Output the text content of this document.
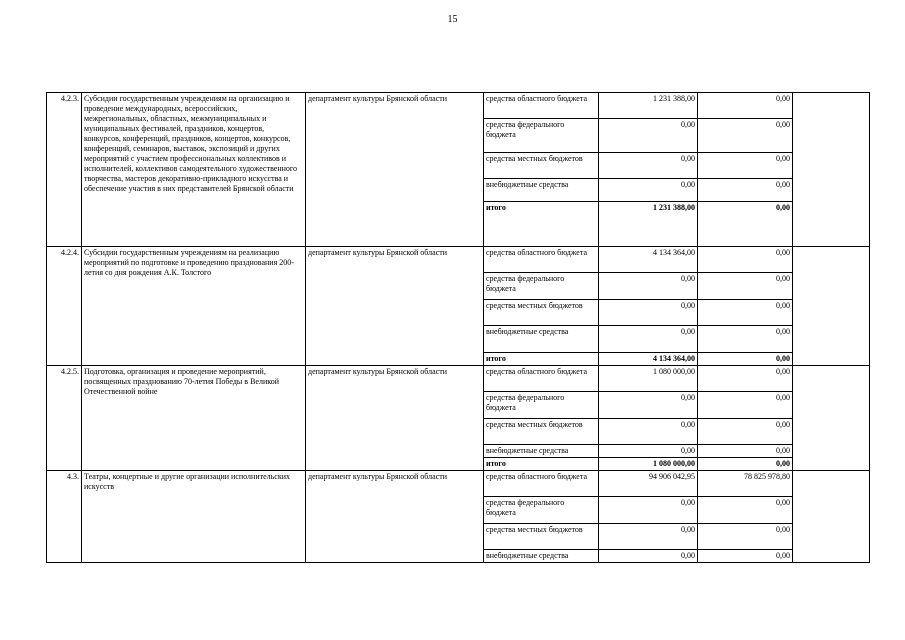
15
4.2.3.	Субсидии государственным учреждениям на организацию и проведение международных, всероссийских, межрегиональных, областных, межмуниципальных и муниципальных фестивалей, праздников, концертов, конкурсов, конференций, праздников, концертов, конкурсов, конференций, семинаров, выставок, экспозиций и других мероприятий с участием профессиональных коллективов и исполнителей, коллективов самодеятельного художественного творчества, мастеров декоративно-прикладного искусства и обеспечение участия в них представителей Брянской области	департамент культуры Брянской области	средства областного бюджета	1 231 388,00	0,00	
			средства федерального бюджета	0,00	0,00	
			средства местных бюджетов	0,00	0,00	
			внебюджетные средства	0,00	0,00	
			итого	1 231 388,00	0,00	
4.2.4.	Субсидии государственным учреждениям на реализацию мероприятий по подготовке и проведению празднования 200-летия со дня рождения А.К. Толстого	департамент культуры Брянской области	средства областного бюджета	4 134 364,00	0,00	
			средства федерального бюджета	0,00	0,00	
			средства местных бюджетов	0,00	0,00	
			внебюджетные средства	0,00	0,00	
			итого	4 134 364,00	0,00	
4.2.5.	Подготовка, организация и проведение мероприятий, посвященных празднованию 70-летия Победы в Великой Отечественной войне	департамент культуры Брянской области	средства областного бюджета	1 080 000,00	0,00	
			средства федерального бюджета	0,00	0,00	
			средства местных бюджетов	0,00	0,00	
			внебюджетные средства	0,00	0,00	
			итого	1 080 000,00	0,00	
4.3.	Театры, концертные и другие организации исполнительских искусств	департамент культуры Брянской области	средства областного бюджета	94 906 042,95	78 825 978,80	
			средства федерального бюджета	0,00	0,00	
			средства местных бюджетов	0,00	0,00	
			внебюджетные средства	0,00	0,00	
